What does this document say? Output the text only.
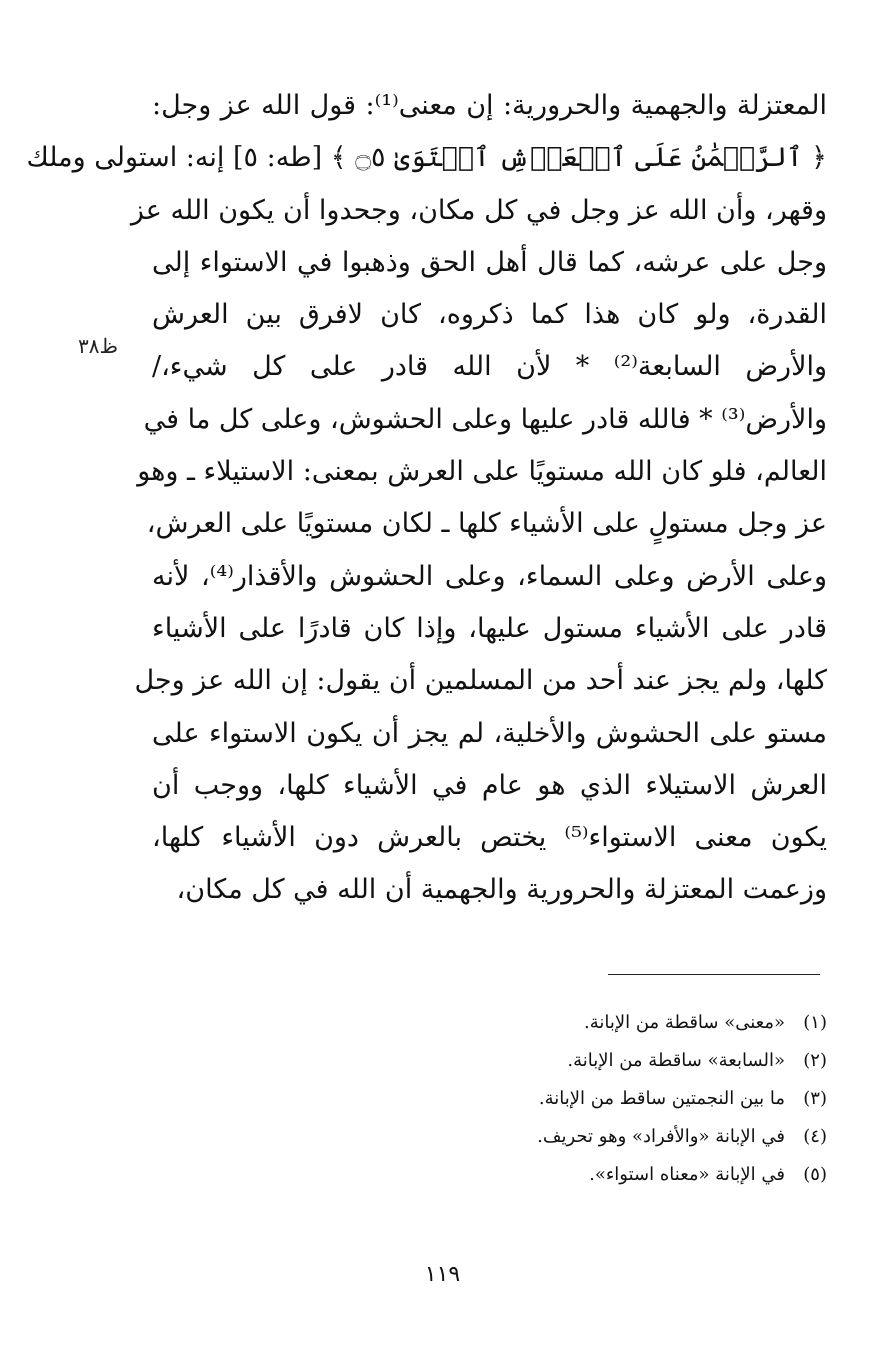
المعتزلة والجهمية والحرورية: إن معنى⁽¹⁾: قول الله عز وجل:
﴿ ٱلرَّحۡمَٰنُ عَلَى ٱلۡعَرۡشِ ٱسۡتَوَىٰ ۝٥ ﴾ [طه: ٥] إنه: استولى وملك
وقهر، وأن الله عز وجل في كل مكان، وجحدوا أن يكون الله عز
وجل على عرشه، كما قال أهل الحق وذهبوا في الاستواء إلى
القدرة، ولو كان هذا كما ذكروه، كان لافرق بين العرش
والأرض السابعة⁽²⁾ * لأن الله قادر على كل شيء،/
والأرض⁽³⁾ * فالله قادر عليها وعلى الحشوش، وعلى كل ما في
العالم، فلو كان الله مستويًا على العرش بمعنى: الاستيلاء ـ وهو
عز وجل مستولٍ على الأشياء كلها ـ لكان مستويًا على العرش،
وعلى الأرض وعلى السماء، وعلى الحشوش والأقذار⁽⁴⁾، لأنه
قادر على الأشياء مستول عليها، وإذا كان قادرًا على الأشياء
كلها، ولم يجز عند أحد من المسلمين أن يقول: إن الله عز وجل
مستو على الحشوش والأخلية، لم يجز أن يكون الاستواء على
العرش الاستيلاء الذي هو عام في الأشياء كلها، ووجب أن
يكون معنى الاستواء⁽⁵⁾ يختص بالعرش دون الأشياء كلها،
وزعمت المعتزلة والحرورية والجهمية أن الله في كل مكان،
ظ٣٨
(١)«معنى» ساقطة من الإبانة.
(٢)«السابعة» ساقطة من الإبانة.
(٣)ما بين النجمتين ساقط من الإبانة.
(٤)في الإبانة «والأفراد» وهو تحريف.
(٥)في الإبانة «معناه استواء».
١١٩
